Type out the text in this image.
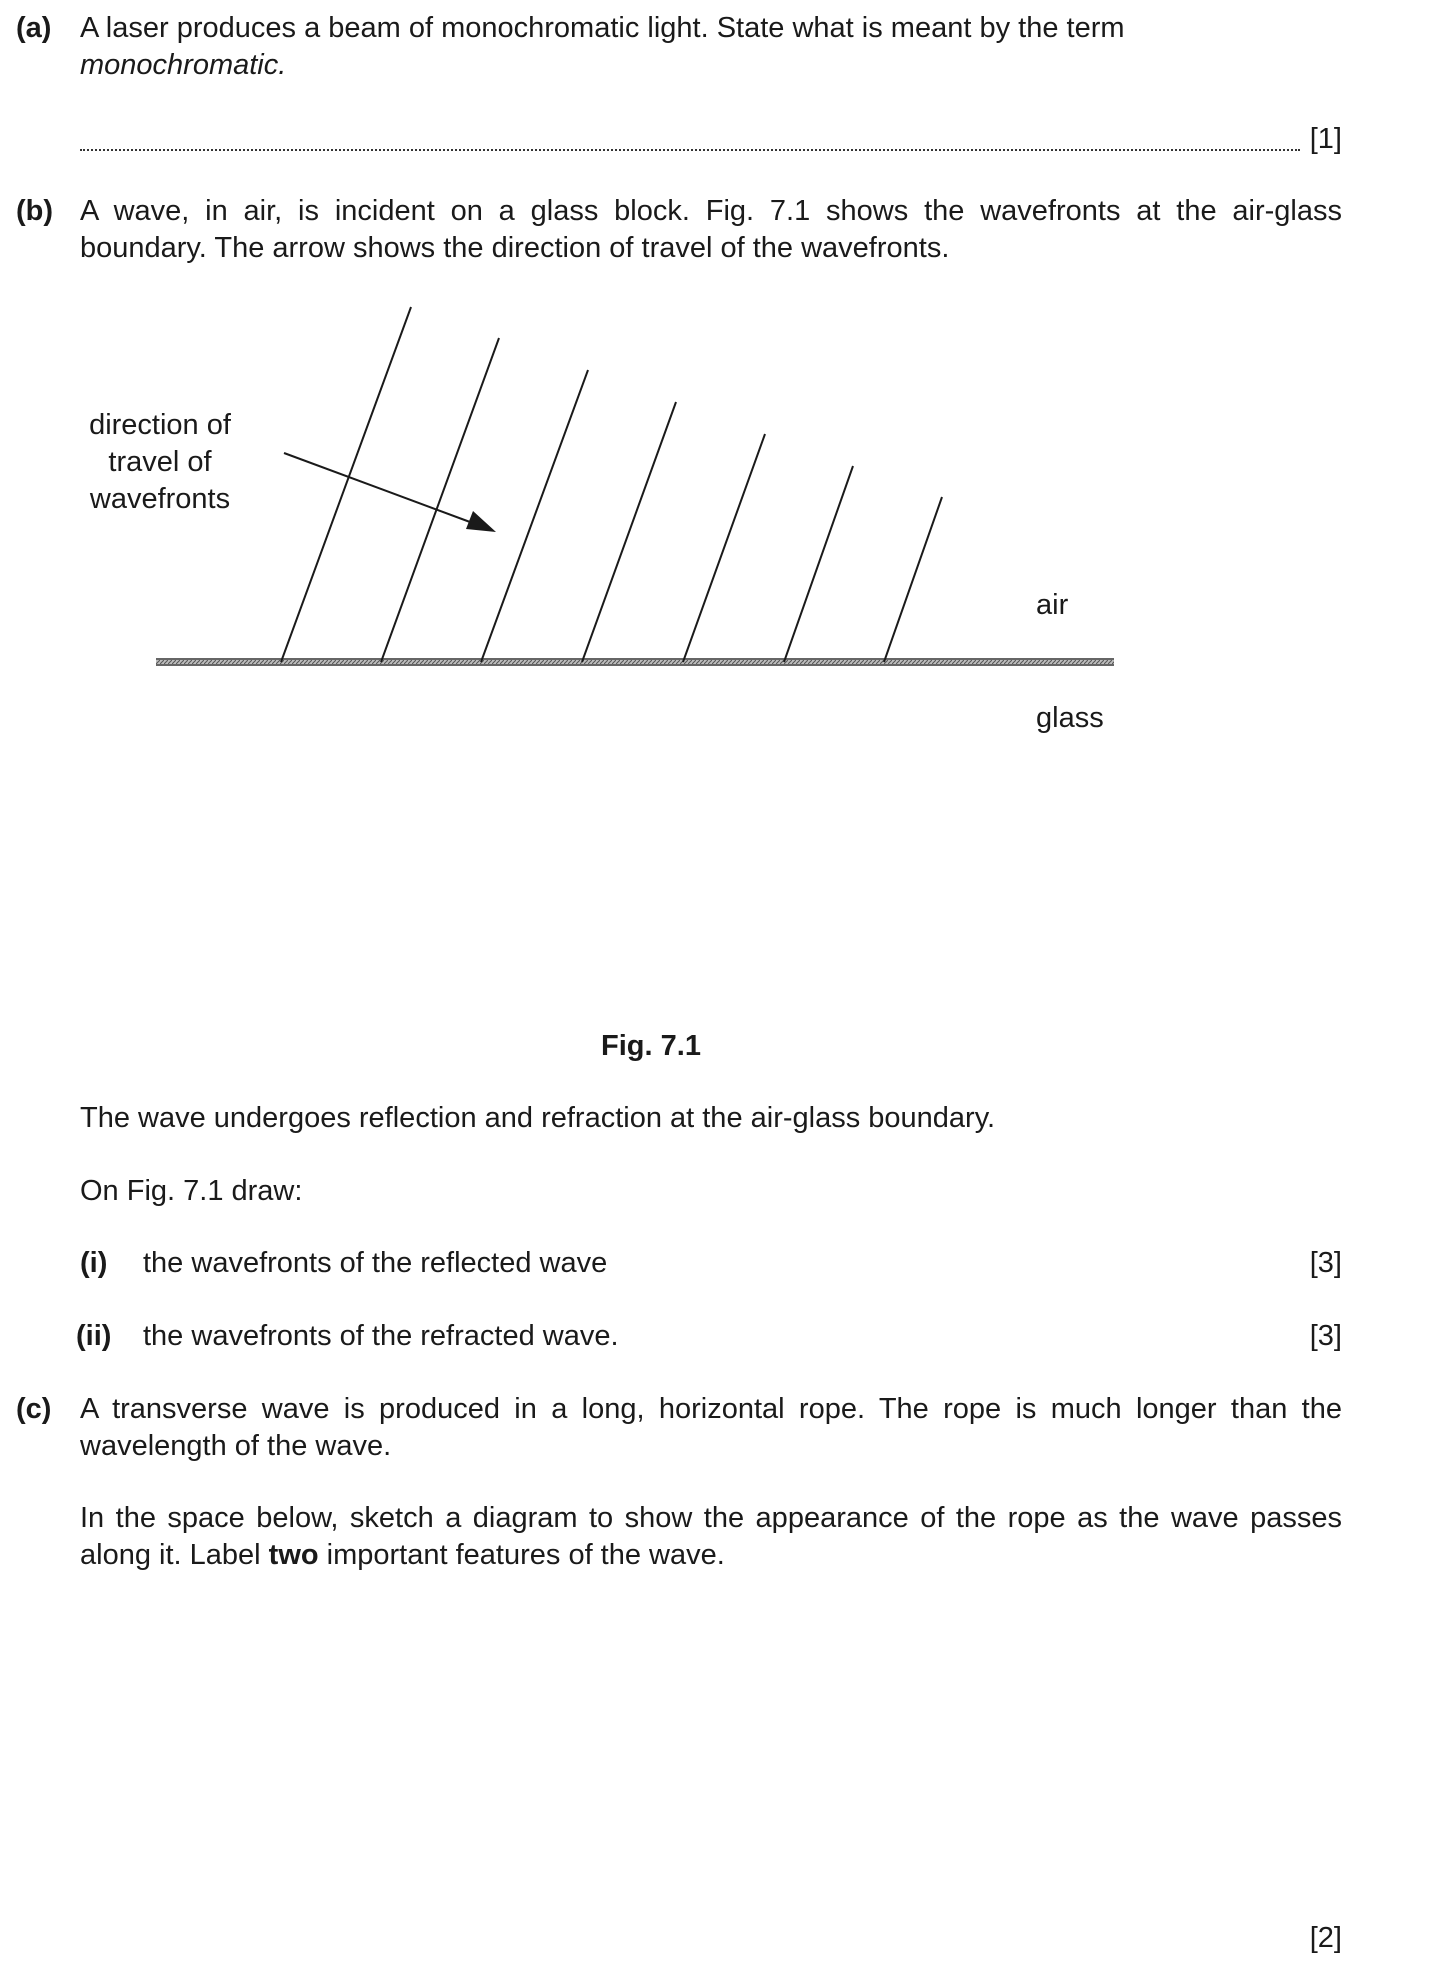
(a) A laser produces a beam of monochromatic light. State what is meant by the term
monochromatic.
[1]
(b) A wave, in air, is incident on a glass block. Fig. 7.1 shows the wavefronts at the air-glass boundary. The arrow shows the direction of travel of the wavefronts.
direction of
travel of
wavefronts
air
glass
Fig. 7.1
The wave undergoes reflection and refraction at the air-glass boundary.
On Fig. 7.1 draw:
(i) the wavefronts of the reflected wave	[3]
(ii) the wavefronts of the refracted wave.	[3]
(c) A transverse wave is produced in a long, horizontal rope. The rope is much longer than the wavelength of the wave.
In the space below, sketch a diagram to show the appearance of the rope as the wave passes along it. Label two important features of the wave.
[2]
